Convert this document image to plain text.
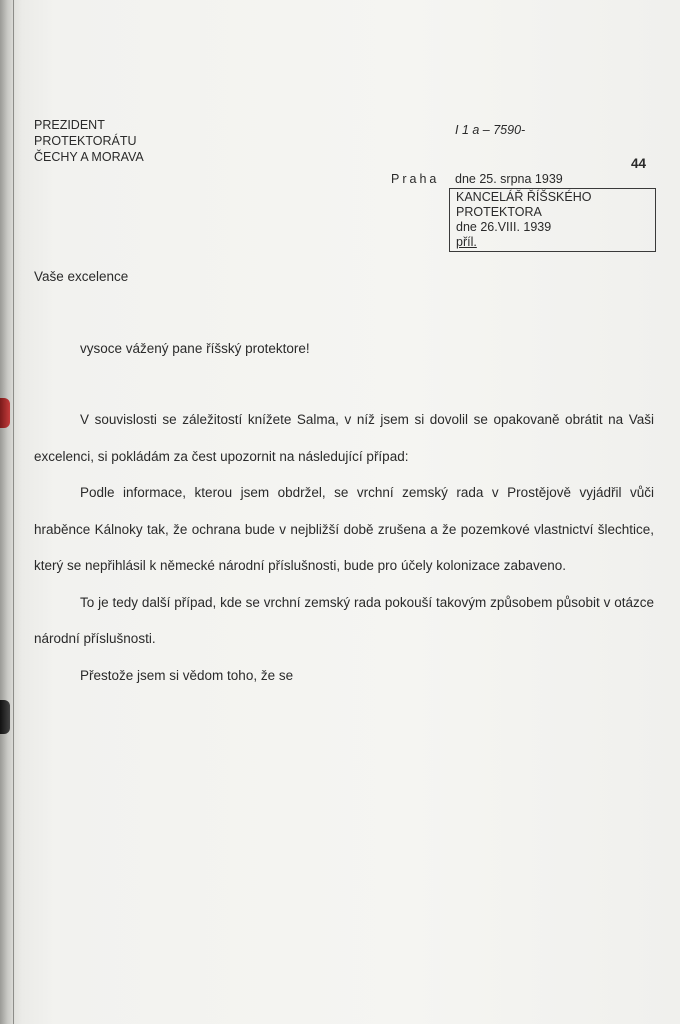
PREZIDENT
PROTEKTORÁTU
ČECHY A MORAVA
I 1 a – 7590-
44
Praha dne 25. srpna 1939
KANCELÁŘ ŘÍŠSKÉHO
PROTEKTORA
dne 26.VIII. 1939
příl.
Vaše excelence
vysoce vážený pane říšský protektore!

V souvislosti se záležitostí knížete Salma, v níž jsem si dovolil se opakovaně obrátit na Vaši excelenci, si pokládám za čest upozornit na následující případ:

Podle informace, kterou jsem obdržel, se vrchní zemský rada v Prostějově vyjádřil vůči hraběnce Kálnoky tak, že ochrana bude v nejbližší době zrušena a že pozemkové vlastnictví šlechtice, který se nepřihlásil k německé národní příslušnosti, bude pro účely kolonizace zabaveno.

To je tedy další případ, kde se vrchní zemský rada pokouší takovým způsobem působit v otázce národní příslušnosti.

Přestože jsem si vědom toho, že se
